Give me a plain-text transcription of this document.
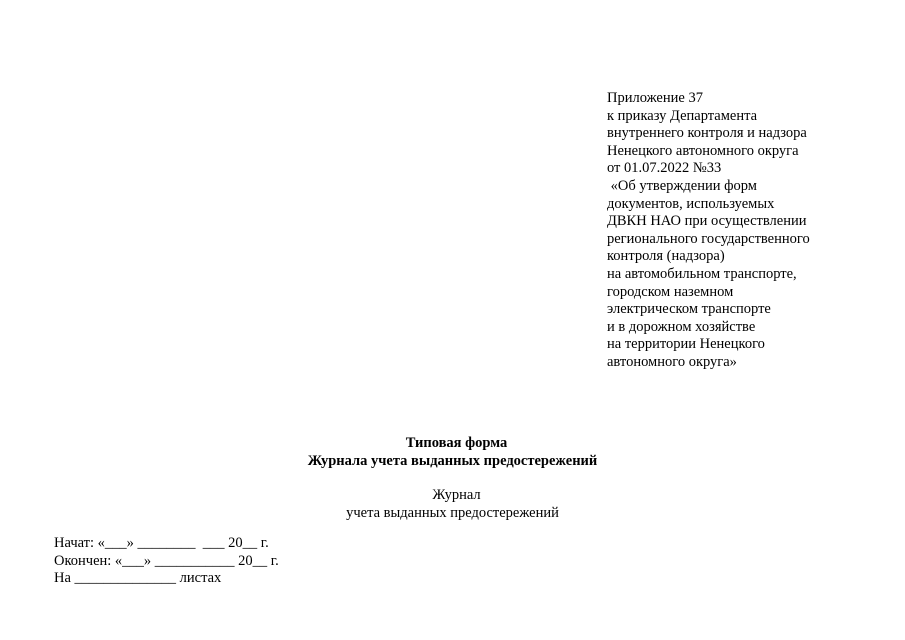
Приложение 37
к приказу Департамента
внутреннего контроля и надзора
Ненецкого автономного округа
от 01.07.2022 №33
«Об утверждении форм
документов, используемых
ДВКН НАО при осуществлении
регионального государственного
контроля (надзора)
на автомобильном транспорте,
городском наземном
электрическом транспорте
и в дорожном хозяйстве
на территории Ненецкого
автономного округа»
Типовая форма
Журнала учета выданных предостережений
Журнал
учета выданных предостережений
Начат: «___» ________  ___ 20__ г.
Окончен: «___» ___________ 20__ г.
На ______________ листах
